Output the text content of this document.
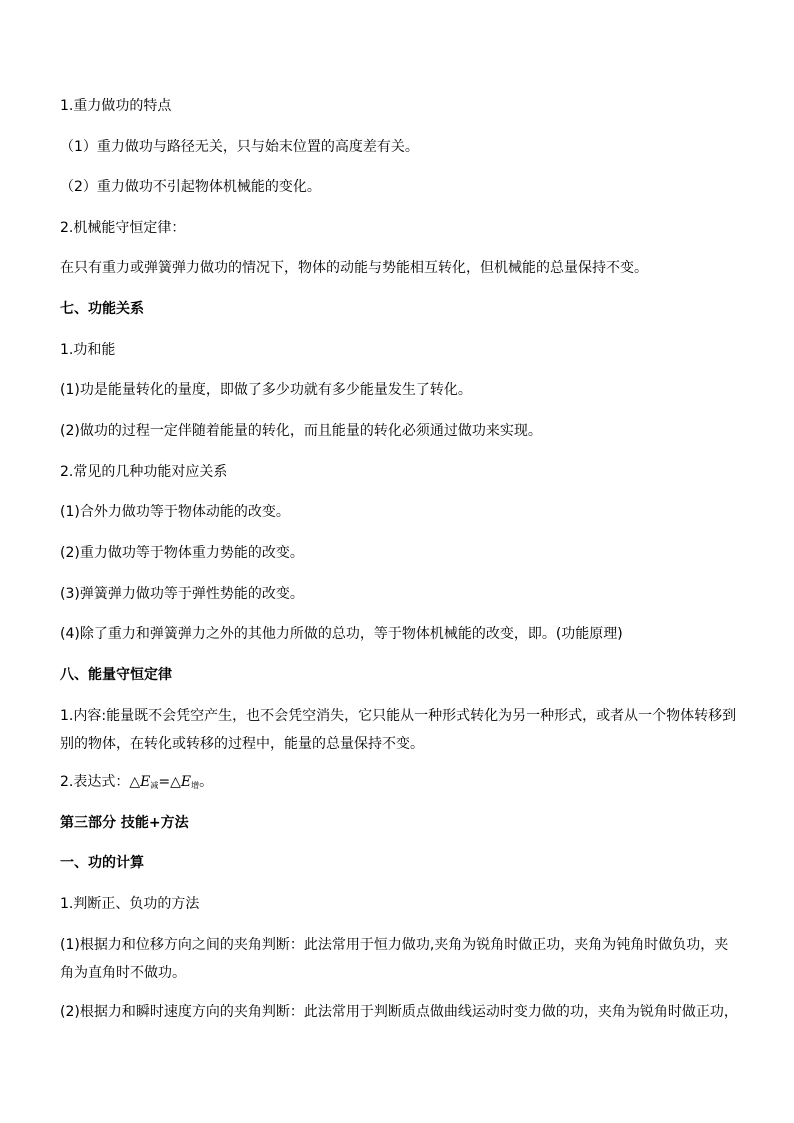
1.重力做功的特点

（1）重力做功与路径无关，只与始末位置的高度差有关。

（2）重力做功不引起物体机械能的变化。

2.机械能守恒定律：

在只有重力或弹簧弹力做功的情况下，物体的动能与势能相互转化，但机械能的总量保持不变。

七、功能关系

1.功和能

(1)功是能量转化的量度，即做了多少功就有多少能量发生了转化。

(2)做功的过程一定伴随着能量的转化，而且能量的转化必须通过做功来实现。

2.常见的几种功能对应关系

(1)合外力做功等于物体动能的改变。

(2)重力做功等于物体重力势能的改变。

(3)弹簧弹力做功等于弹性势能的改变。

(4)除了重力和弹簧弹力之外的其他力所做的总功，等于物体机械能的改变，即。(功能原理)

八、能量守恒定律

1.内容:能量既不会凭空产生，也不会凭空消失，它只能从一种形式转化为另一种形式，或者从一个物体转移到别的物体，在转化或转移的过程中，能量的总量保持不变。

2.表达式：$\triangle E_减=\triangle E_增$。

第三部分 技能+方法

一、功的计算

1.判断正、负功的方法

(1)根据力和位移方向之间的夹角判断：此法常用于恒力做功,夹角为锐角时做正功，夹角为钝角时做负功，夹角为直角时不做功。

(2)根据力和瞬时速度方向的夹角判断：此法常用于判断质点做曲线运动时变力做的功，夹角为锐角时做正功，
